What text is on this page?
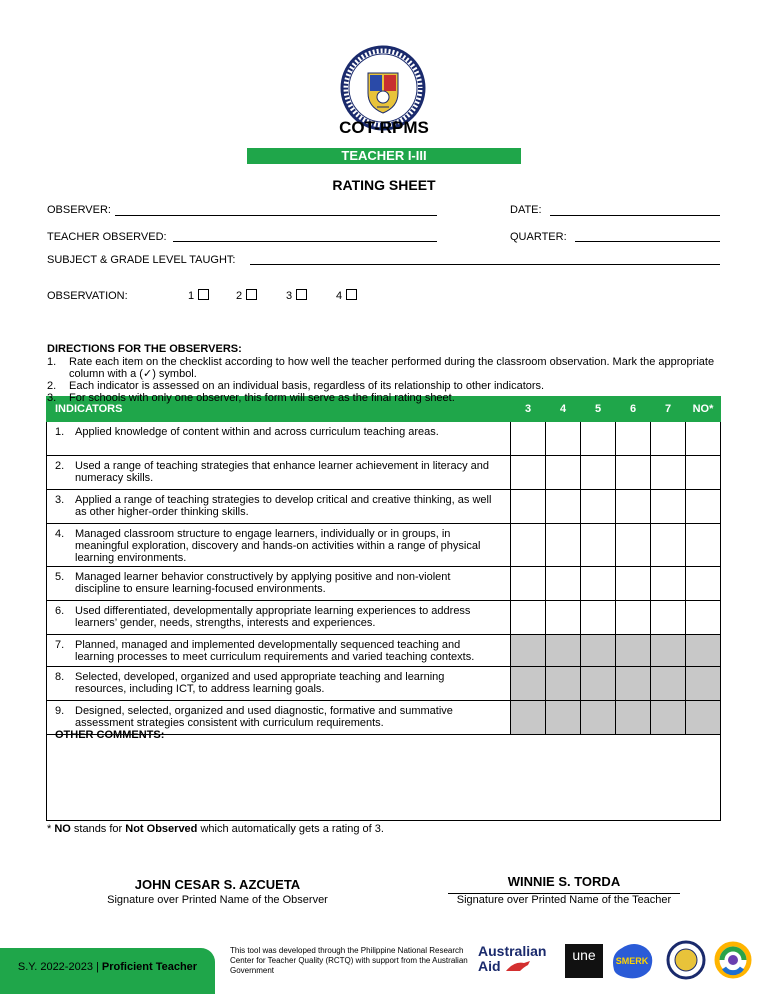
COT-RPMS
TEACHER I-III
RATING SHEET
OBSERVER:	DATE:
TEACHER OBSERVED:	QUARTER:
SUBJECT & GRADE LEVEL TAUGHT:
OBSERVATION:	1	2	3	4
DIRECTIONS FOR THE OBSERVERS:
1. Rate each item on the checklist according to how well the teacher performed during the classroom observation. Mark the appropriate column with a (✓) symbol.
2. Each indicator is assessed on an individual basis, regardless of its relationship to other indicators.
INDICATORS	3	4	5	6	7	NO*
1. Applied knowledge of content within and across curriculum teaching areas.						
2. Used a range of teaching strategies that enhance learner achievement in literacy and numeracy skills.						
3. Applied a range of teaching strategies to develop critical and creative thinking, as well as other higher-order thinking skills.						
4. Managed classroom structure to engage learners, individually or in groups, in meaningful exploration, discovery and hands-on activities within a range of physical learning environments.						
5. Managed learner behavior constructively by applying positive and non-violent discipline to ensure learning-focused environments.						
6. Used differentiated, developmentally appropriate learning experiences to address learners’ gender, needs, strengths, interests and experiences.						
7. Planned, managed and implemented developmentally sequenced teaching and learning processes to meet curriculum requirements and varied teaching contexts.						
8. Selected, developed, organized and used appropriate teaching and learning resources, including ICT, to address learning goals.						
9. Designed, selected, organized and used diagnostic, formative and summative assessment strategies consistent with curriculum requirements.						
OTHER COMMENTS:
* NO stands for Not Observed which automatically gets a rating of 3.
JOHN CESAR S. AZCUETA
Signature over Printed Name of the Observer
WINNIE S. TORDA
Signature over Printed Name of the Teacher
S.Y. 2022-2023 | Proficient Teacher
This tool was developed through the Philippine National Research Center for Teacher Quality (RCTQ) with support from the Australian Government
Australian
Aid
une	SMERK
3. For schools with only one observer, this form will serve as the final rating sheet.
